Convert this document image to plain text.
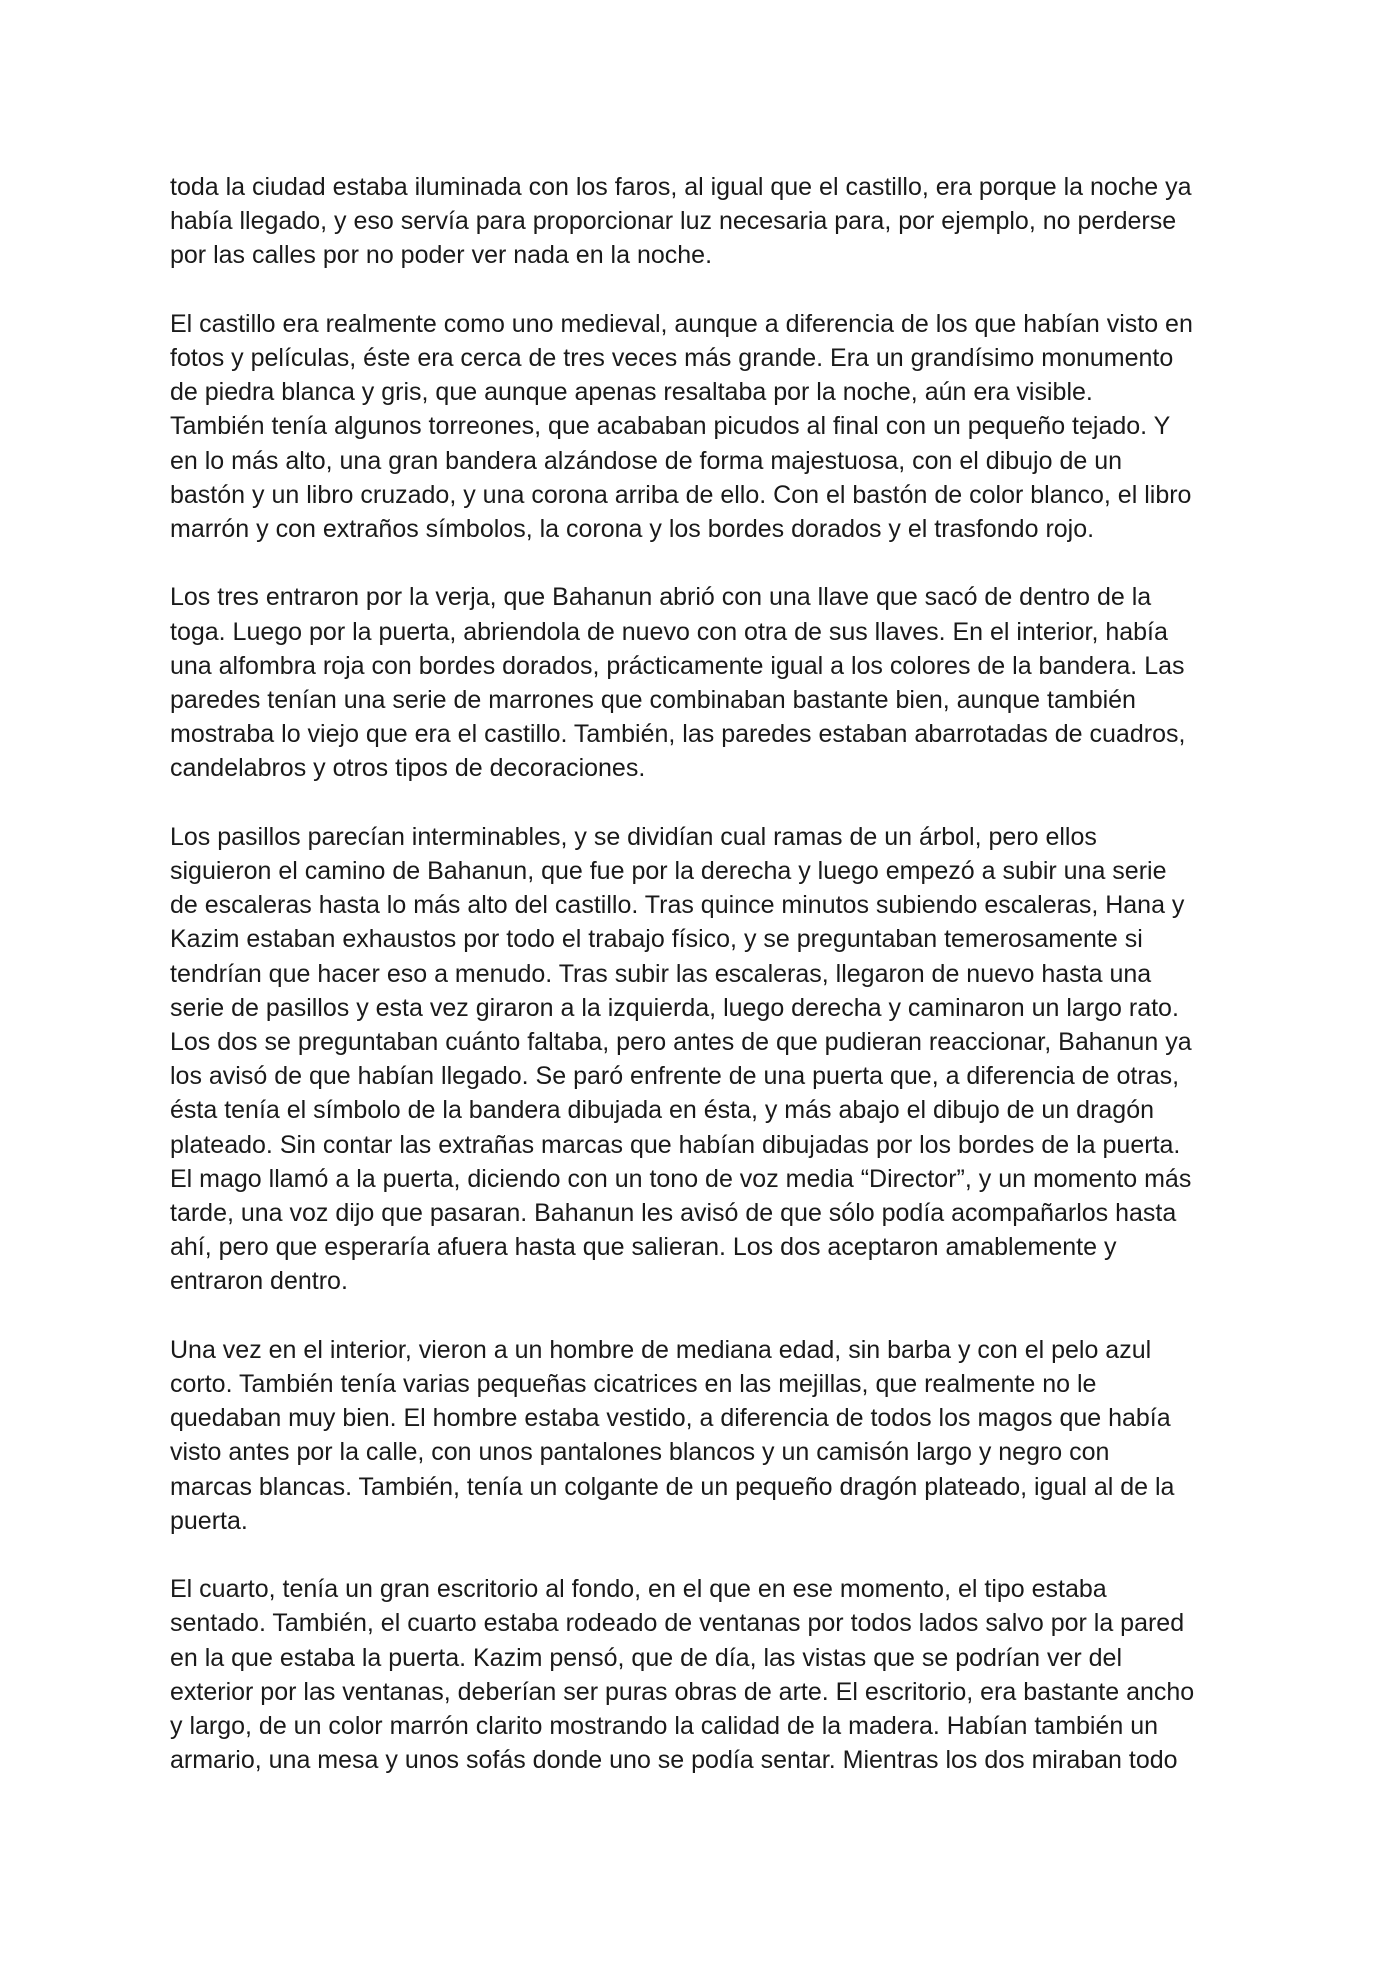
toda la ciudad estaba iluminada con los faros, al igual que el castillo, era porque la noche ya
había llegado, y eso servía para proporcionar luz necesaria para, por ejemplo, no perderse
por las calles por no poder ver nada en la noche.

El castillo era realmente como uno medieval, aunque a diferencia de los que habían visto en
fotos y películas, éste era cerca de tres veces más grande. Era un grandísimo monumento
de piedra blanca y gris, que aunque apenas resaltaba por la noche, aún era visible.
También tenía algunos torreones, que acababan picudos al final con un pequeño tejado. Y
en lo más alto, una gran bandera alzándose de forma majestuosa, con el dibujo de un
bastón y un libro cruzado, y una corona arriba de ello. Con el bastón de color blanco, el libro
marrón y con extraños símbolos, la corona y los bordes dorados y el trasfondo rojo.

Los tres entraron por la verja, que Bahanun abrió con una llave que sacó de dentro de la
toga. Luego por la puerta, abriendola de nuevo con otra de sus llaves. En el interior, había
una alfombra roja con bordes dorados, prácticamente igual a los colores de la bandera. Las
paredes tenían una serie de marrones que combinaban bastante bien, aunque también
mostraba lo viejo que era el castillo. También, las paredes estaban abarrotadas de cuadros,
candelabros y otros tipos de decoraciones.

Los pasillos parecían interminables, y se dividían cual ramas de un árbol, pero ellos
siguieron el camino de Bahanun, que fue por la derecha y luego empezó a subir una serie
de escaleras hasta lo más alto del castillo. Tras quince minutos subiendo escaleras, Hana y
Kazim estaban exhaustos por todo el trabajo físico, y se preguntaban temerosamente si
tendrían que hacer eso a menudo. Tras subir las escaleras, llegaron de nuevo hasta una
serie de pasillos y esta vez giraron a la izquierda, luego derecha y caminaron un largo rato.
Los dos se preguntaban cuánto faltaba, pero antes de que pudieran reaccionar, Bahanun ya
los avisó de que habían llegado. Se paró enfrente de una puerta que, a diferencia de otras,
ésta tenía el símbolo de la bandera dibujada en ésta, y más abajo el dibujo de un dragón
plateado. Sin contar las extrañas marcas que habían dibujadas por los bordes de la puerta.
El mago llamó a la puerta, diciendo con un tono de voz media “Director”, y un momento más
tarde, una voz dijo que pasaran. Bahanun les avisó de que sólo podía acompañarlos hasta
ahí, pero que esperaría afuera hasta que salieran. Los dos aceptaron amablemente y
entraron dentro.

Una vez en el interior, vieron a un hombre de mediana edad, sin barba y con el pelo azul
corto. También tenía varias pequeñas cicatrices en las mejillas, que realmente no le
quedaban muy bien. El hombre estaba vestido, a diferencia de todos los magos que había
visto antes por la calle, con unos pantalones blancos y un camisón largo y negro con
marcas blancas. También, tenía un colgante de un pequeño dragón plateado, igual al de la
puerta.

El cuarto, tenía un gran escritorio al fondo, en el que en ese momento, el tipo estaba
sentado. También, el cuarto estaba rodeado de ventanas por todos lados salvo por la pared
en la que estaba la puerta. Kazim pensó, que de día, las vistas que se podrían ver del
exterior por las ventanas, deberían ser puras obras de arte. El escritorio, era bastante ancho
y largo, de un color marrón clarito mostrando la calidad de la madera. Habían también un
armario, una mesa y unos sofás donde uno se podía sentar. Mientras los dos miraban todo
